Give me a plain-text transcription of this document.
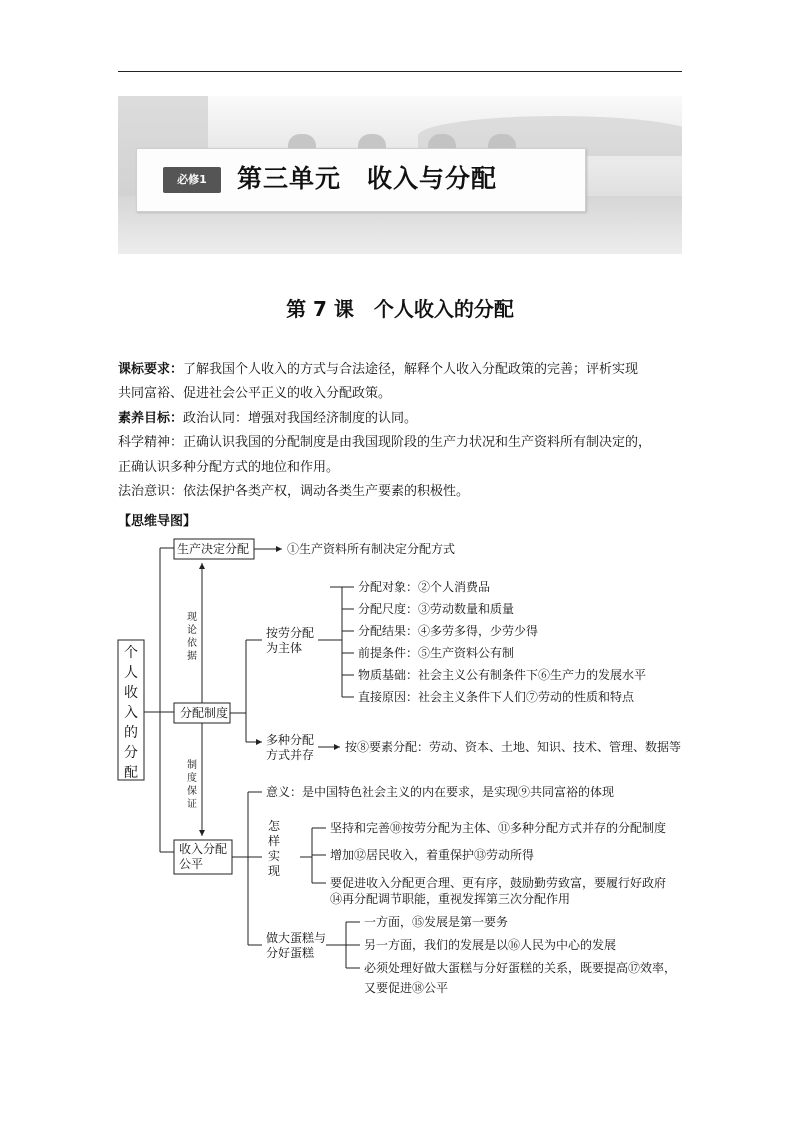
必修1	第三单元　收入与分配
第 7 课　个人收入的分配
课标要求：了解我国个人收入的方式与合法途径，解释个人收入分配政策的完善；评析实现
共同富裕、促进社会公平正义的收入分配政策。
素养目标：政治认同：增强对我国经济制度的认同。
科学精神：正确认识我国的分配制度是由我国现阶段的生产力状况和生产资料所有制决定的，
正确认识多种分配方式的地位和作用。
法治意识：依法保护各类产权，调动各类生产要素的积极性。
【思维导图】
个人收入的分配
生产决定分配	①生产资料所有制决定分配方式
分配制度
现论依据
制度保证
按劳分配
为主体
分配对象：②个人消费品
分配尺度：③劳动数量和质量
分配结果：④多劳多得，少劳少得
前提条件：⑤生产资料公有制
物质基础：社会主义公有制条件下⑥生产力的发展水平
直接原因：社会主义条件下人们⑦劳动的性质和特点
多种分配
方式并存
按⑧要素分配：劳动、资本、土地、知识、技术、管理、数据等
收入分配
公平
意义：是中国特色社会主义的内在要求，是实现⑨共同富裕的体现
怎样实现
坚持和完善⑩按劳分配为主体、⑪多种分配方式并存的分配制度
增加⑫居民收入，着重保护⑬劳动所得
要促进收入分配更合理、更有序，鼓励勤劳致富，要履行好政府
⑭再分配调节职能，重视发挥第三次分配作用
做大蛋糕与
分好蛋糕
一方面，⑮发展是第一要务
另一方面，我们的发展是以⑯人民为中心的发展
必须处理好做大蛋糕与分好蛋糕的关系，既要提高⑰效率，
又要促进⑱公平
